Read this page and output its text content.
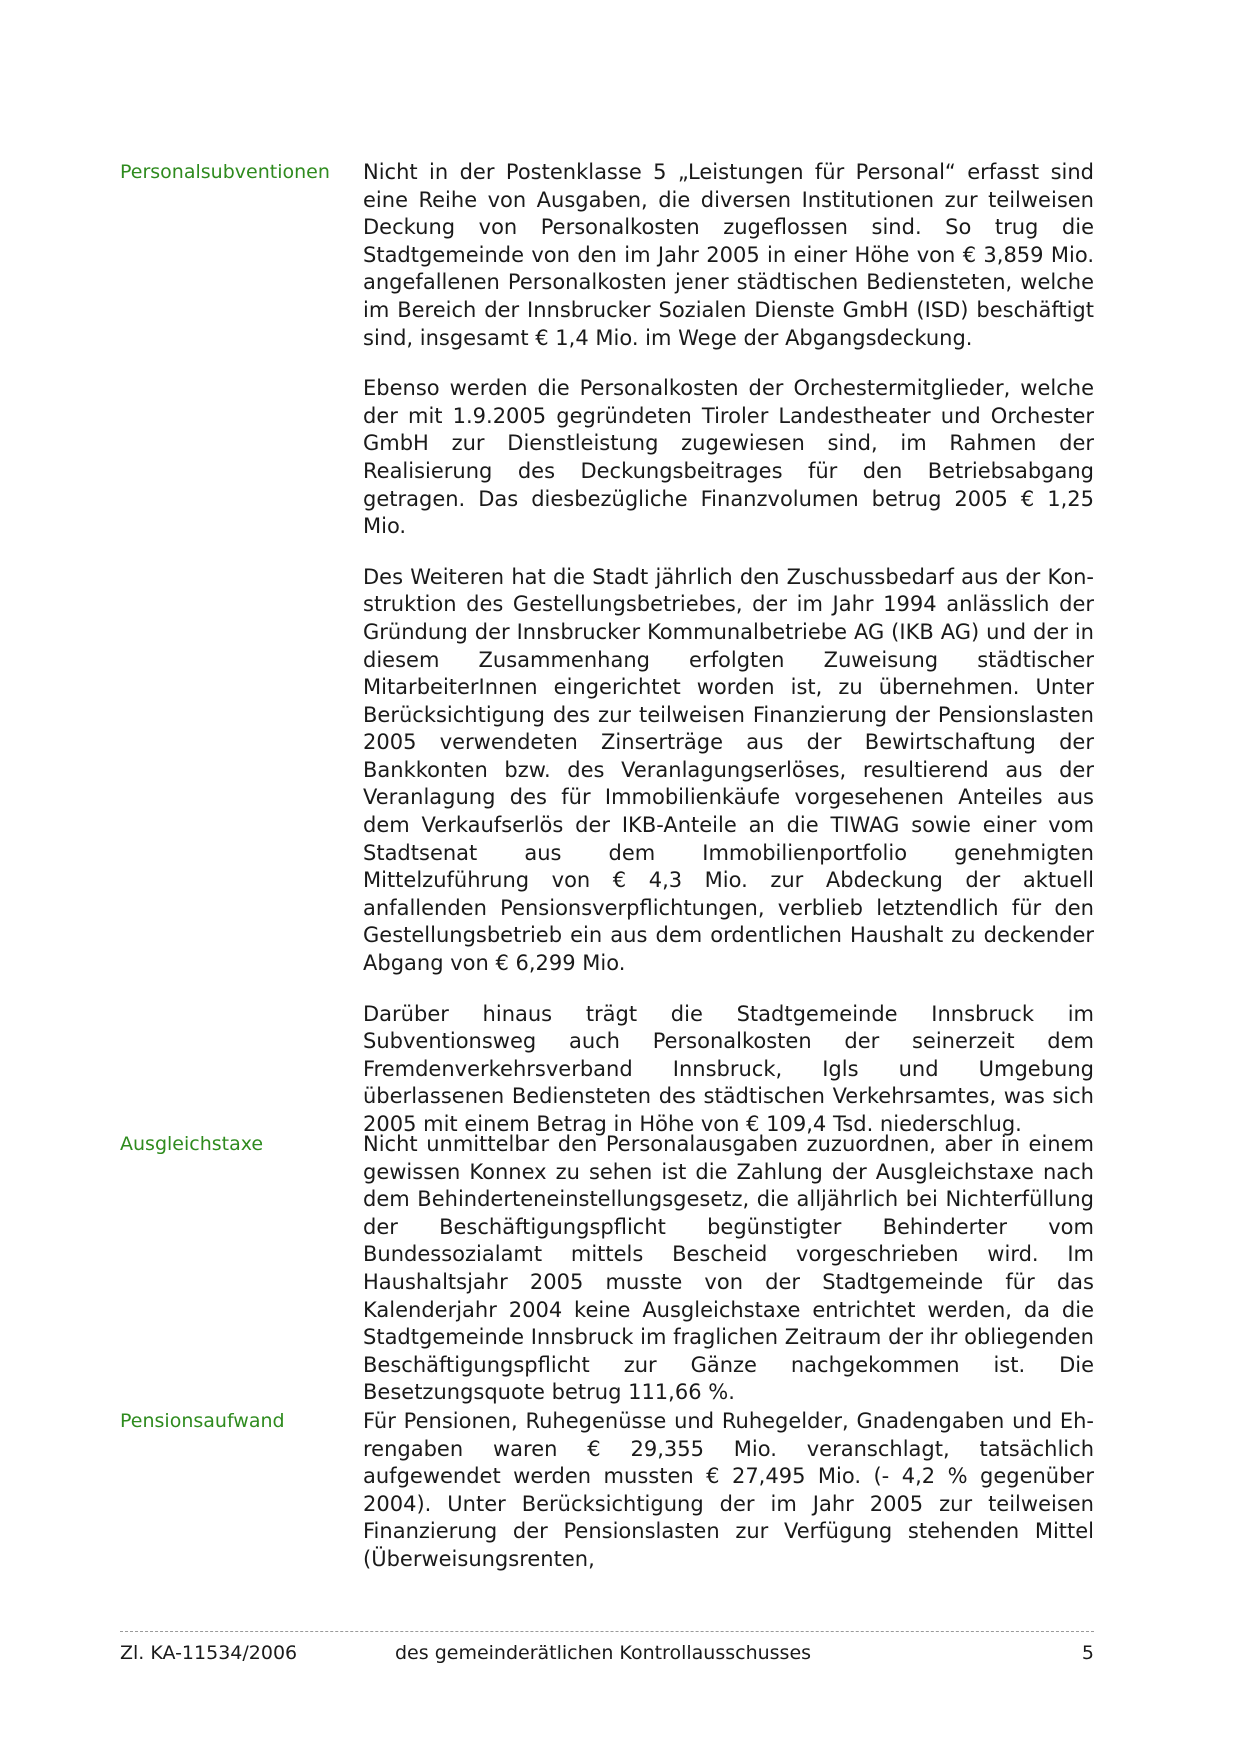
Personalsubventionen Nicht in der Postenklasse 5 „Leistungen für Personal“ erfasst sind eine Reihe von Ausgaben, die diversen Institutionen zur teilweisen Deckung von Personalkosten zugeflossen sind. So trug die Stadtgemeinde von den im Jahr 2005 in einer Höhe von € 3,859 Mio. angefallenen Personalkosten jener städtischen Bediensteten, welche im Bereich der Innsbrucker Sozialen Dienste GmbH (ISD) beschäftigt sind, insgesamt € 1,4 Mio. im Wege der Abgangsdeckung.

Ebenso werden die Personalkosten der Orchestermitglieder, welche der mit 1.9.2005 gegründeten Tiroler Landestheater und Orchester GmbH zur Dienstleistung zugewiesen sind, im Rahmen der Realisierung des Deckungsbeitrages für den Betriebsabgang getragen. Das diesbezügliche Finanzvolumen betrug 2005 € 1,25 Mio.

Des Weiteren hat die Stadt jährlich den Zuschussbedarf aus der Konstruktion des Gestellungsbetriebes, der im Jahr 1994 anlässlich der Gründung der Innsbrucker Kommunalbetriebe AG (IKB AG) und der in diesem Zusammenhang erfolgten Zuweisung städtischer MitarbeiterInnen eingerichtet worden ist, zu übernehmen. Unter Berücksichtigung des zur teilweisen Finanzierung der Pensionslasten 2005 verwendeten Zinserträge aus der Bewirtschaftung der Bankkonten bzw. des Veranlagungserlöses, resultierend aus der Veranlagung des für Immobilienkäufe vorgesehenen Anteiles aus dem Verkaufserlös der IKB-Anteile an die TIWAG sowie einer vom Stadtsenat aus dem Immobilienportfolio genehmigten Mittelzuführung von € 4,3 Mio. zur Abdeckung der aktuell anfallenden Pensionsverpflichtungen, verblieb letztendlich für den Gestellungsbetrieb ein aus dem ordentlichen Haushalt zu deckender Abgang von € 6,299 Mio.

Darüber hinaus trägt die Stadtgemeinde Innsbruck im Subventionsweg auch Personalkosten der seinerzeit dem Fremdenverkehrsverband Innsbruck, Igls und Umgebung überlassenen Bediensteten des städtischen Verkehrsamtes, was sich 2005 mit einem Betrag in Höhe von € 109,4 Tsd. niederschlug.

Ausgleichstaxe	Nicht unmittelbar den Personalausgaben zuzuordnen, aber in einem gewissen Konnex zu sehen ist die Zahlung der Ausgleichstaxe nach dem Behinderteneinstellungsgesetz, die alljährlich bei Nichterfüllung der Beschäftigungspflicht begünstigter Behinderter vom Bundessozialamt mittels Bescheid vorgeschrieben wird. Im Haushaltsjahr 2005 musste von der Stadtgemeinde für das Kalenderjahr 2004 keine Ausgleichstaxe entrichtet werden, da die Stadtgemeinde Innsbruck im fraglichen Zeitraum der ihr obliegenden Beschäftigungspflicht zur Gänze nachgekommen ist. Die Besetzungsquote betrug 111,66 %.

Pensionsaufwand	Für Pensionen, Ruhegenüsse und Ruhegelder, Gnadengaben und Ehrengaben waren € 29,355 Mio. veranschlagt, tatsächlich aufgewendet werden mussten € 27,495 Mio. (- 4,2 % gegenüber 2004). Unter Berücksichtigung der im Jahr 2005 zur teilweisen Finanzierung der Pensionslasten zur Verfügung stehenden Mittel (Überweisungsrenten,

Zl. KA-11534/2006	des gemeinderätlichen Kontrollausschusses	5
